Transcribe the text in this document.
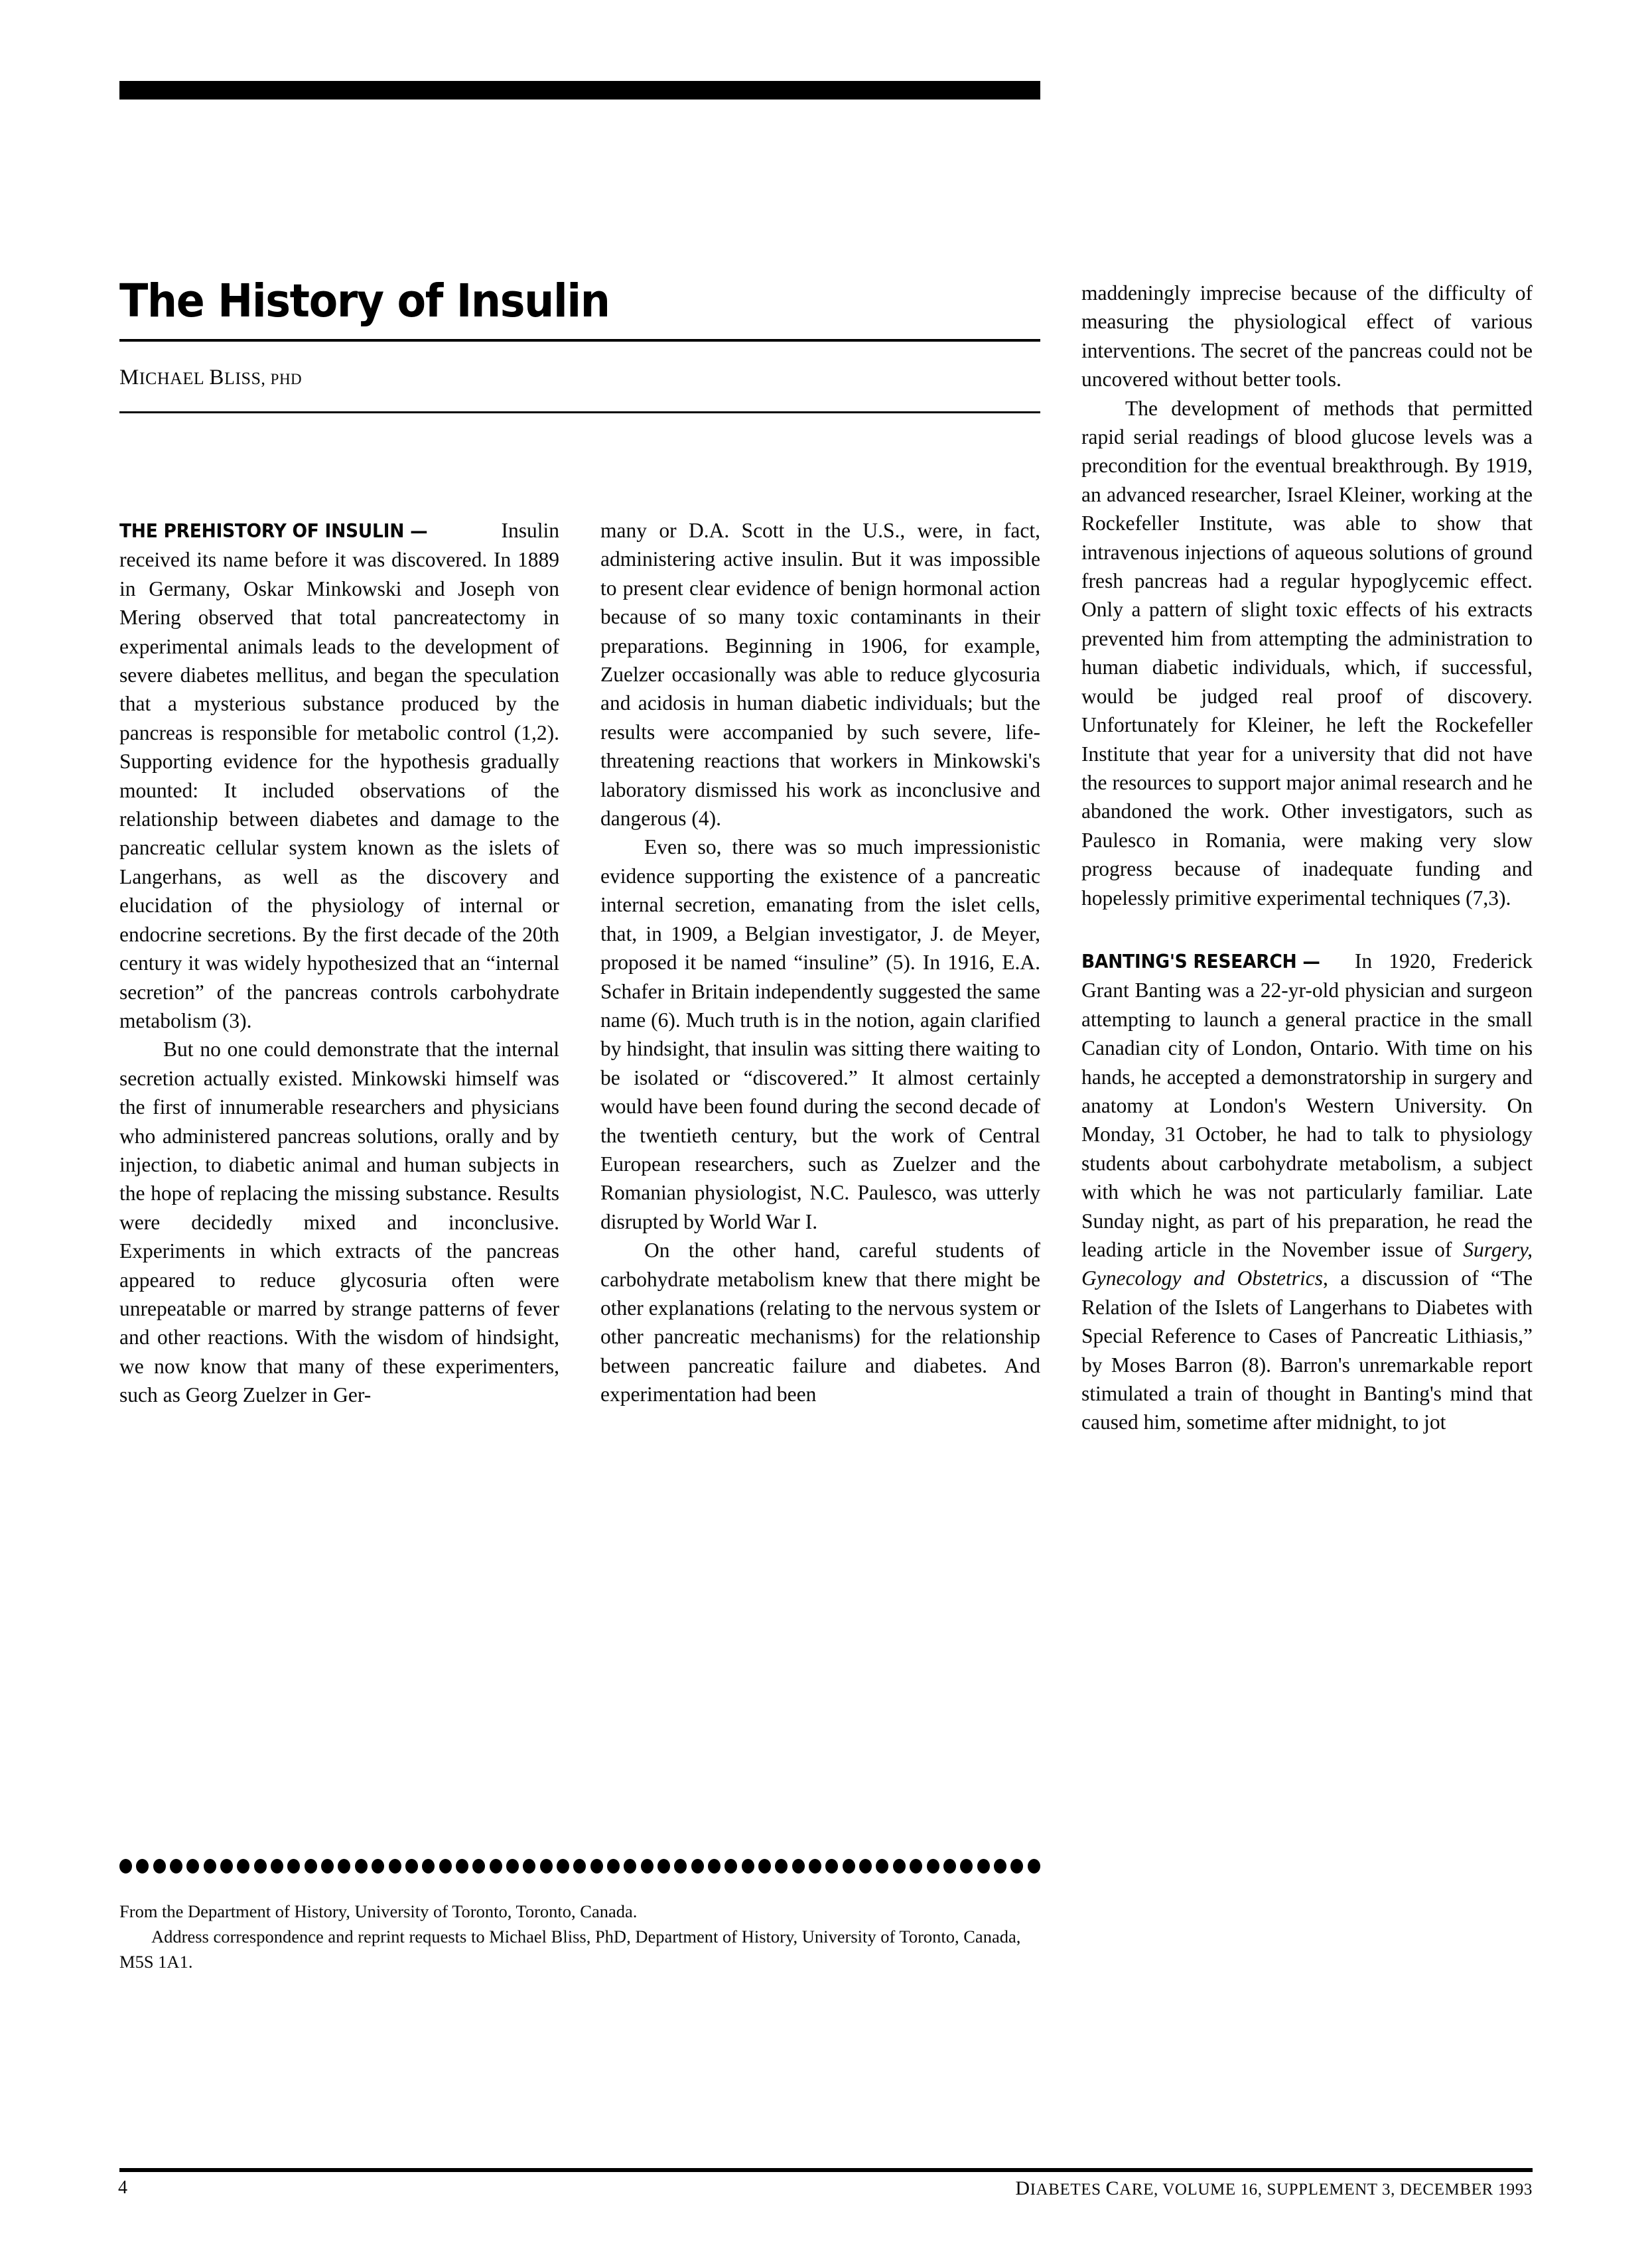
The History of Insulin
MICHAEL BLISS, PHD

THE PREHISTORY OF INSULIN — Insulin received its name before it was discovered. In 1889 in Germany, Oskar Minkowski and Joseph von Mering observed that total pancreatectomy in experimental animals leads to the development of severe diabetes mellitus, and began the speculation that a mysterious substance produced by the pancreas is responsible for metabolic control (1,2). Supporting evidence for the hypothesis gradually mounted: It included observations of the relationship between diabetes and damage to the pancreatic cellular system known as the islets of Langerhans, as well as the discovery and elucidation of the physiology of internal or endocrine secretions. By the first decade of the 20th century it was widely hypothesized that an “internal secretion” of the pancreas controls carbohydrate metabolism (3).

But no one could demonstrate that the internal secretion actually existed. Minkowski himself was the first of innumerable researchers and physicians who administered pancreas solutions, orally and by injection, to diabetic animal and human subjects in the hope of replacing the missing substance. Results were decidedly mixed and inconclusive. Experiments in which extracts of the pancreas appeared to reduce glycosuria often were unrepeatable or marred by strange patterns of fever and other reactions. With the wisdom of hindsight, we now know that many of these experimenters, such as Georg Zuelzer in Ger-

many or D.A. Scott in the U.S., were, in fact, administering active insulin. But it was impossible to present clear evidence of benign hormonal action because of so many toxic contaminants in their preparations. Beginning in 1906, for example, Zuelzer occasionally was able to reduce glycosuria and acidosis in human diabetic individuals; but the results were accompanied by such severe, life-threatening reactions that workers in Minkowski's laboratory dismissed his work as inconclusive and dangerous (4).

Even so, there was so much impressionistic evidence supporting the existence of a pancreatic internal secretion, emanating from the islet cells, that, in 1909, a Belgian investigator, J. de Meyer, proposed it be named “insuline” (5). In 1916, E.A. Schafer in Britain independently suggested the same name (6). Much truth is in the notion, again clarified by hindsight, that insulin was sitting there waiting to be isolated or “discovered.” It almost certainly would have been found during the second decade of the twentieth century, but the work of Central European researchers, such as Zuelzer and the Romanian physiologist, N.C. Paulesco, was utterly disrupted by World War I.

On the other hand, careful students of carbohydrate metabolism knew that there might be other explanations (relating to the nervous system or other pancreatic mechanisms) for the relationship between pancreatic failure and diabetes. And experimentation had been

maddeningly imprecise because of the difficulty of measuring the physiological effect of various interventions. The secret of the pancreas could not be uncovered without better tools.

The development of methods that permitted rapid serial readings of blood glucose levels was a precondition for the eventual breakthrough. By 1919, an advanced researcher, Israel Kleiner, working at the Rockefeller Institute, was able to show that intravenous injections of aqueous solutions of ground fresh pancreas had a regular hypoglycemic effect. Only a pattern of slight toxic effects of his extracts prevented him from attempting the administration to human diabetic individuals, which, if successful, would be judged real proof of discovery. Unfortunately for Kleiner, he left the Rockefeller Institute that year for a university that did not have the resources to support major animal research and he abandoned the work. Other investigators, such as Paulesco in Romania, were making very slow progress because of inadequate funding and hopelessly primitive experimental techniques (7,3).

BANTING'S RESEARCH — In 1920, Frederick Grant Banting was a 22-yr-old physician and surgeon attempting to launch a general practice in the small Canadian city of London, Ontario. With time on his hands, he accepted a demonstratorship in surgery and anatomy at London's Western University. On Monday, 31 October, he had to talk to physiology students about carbohydrate metabolism, a subject with which he was not particularly familiar. Late Sunday night, as part of his preparation, he read the leading article in the November issue of Surgery, Gynecology and Obstetrics, a discussion of “The Relation of the Islets of Langerhans to Diabetes with Special Reference to Cases of Pancreatic Lithiasis,” by Moses Barron (8). Barron's unremarkable report stimulated a train of thought in Banting's mind that caused him, sometime after midnight, to jot

From the Department of History, University of Toronto, Toronto, Canada.

Address correspondence and reprint requests to Michael Bliss, PhD, Department of History, University of Toronto, Canada, M5S 1A1.

4	DIABETES CARE, VOLUME 16, SUPPLEMENT 3, DECEMBER 1993
